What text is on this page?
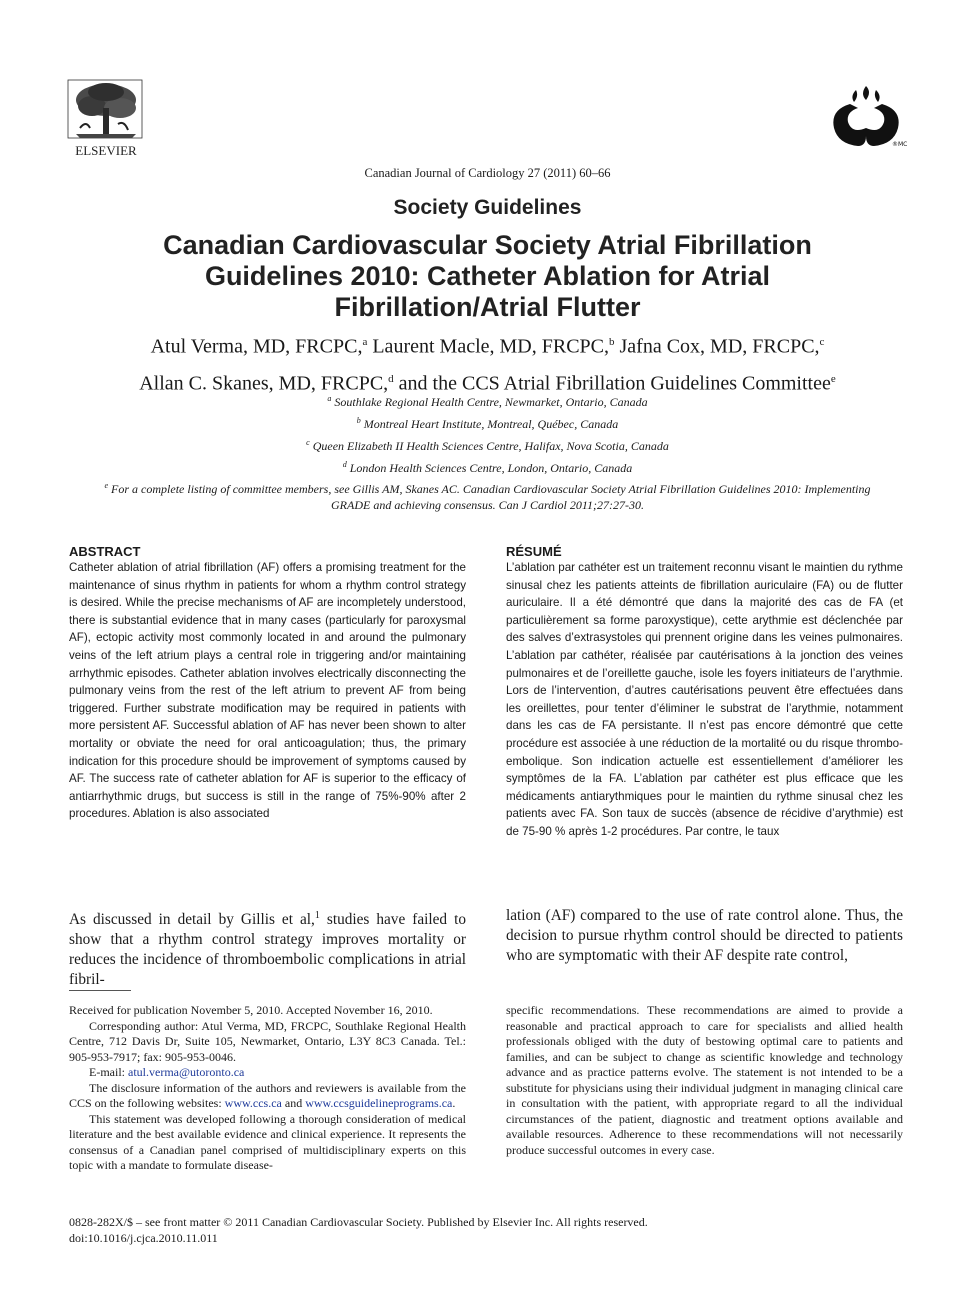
ELSEVIER	®MC
Canadian Journal of Cardiology 27 (2011) 60–66
Society Guidelines
Canadian Cardiovascular Society Atrial Fibrillation Guidelines 2010: Catheter Ablation for Atrial Fibrillation/Atrial Flutter
Atul Verma, MD, FRCPC,$^a$ Laurent Macle, MD, FRCPC,$^b$ Jafna Cox, MD, FRCPC,$^c$
Allan C. Skanes, MD, FRCPC,$^d$ and the CCS Atrial Fibrillation Guidelines Committee$^e$
$^a$ Southlake Regional Health Centre, Newmarket, Ontario, Canada
$^b$ Montreal Heart Institute, Montreal, Québec, Canada
$^c$ Queen Elizabeth II Health Sciences Centre, Halifax, Nova Scotia, Canada
$^d$ London Health Sciences Centre, London, Ontario, Canada
$^e$ For a complete listing of committee members, see Gillis AM, Skanes AC. Canadian Cardiovascular Society Atrial Fibrillation Guidelines 2010: Implementing GRADE and achieving consensus. Can J Cardiol 2011;27:27-30.
ABSTRACT
Catheter ablation of atrial fibrillation (AF) offers a promising treatment for the maintenance of sinus rhythm in patients for whom a rhythm control strategy is desired. While the precise mechanisms of AF are incompletely understood, there is substantial evidence that in many cases (particularly for paroxysmal AF), ectopic activity most commonly located in and around the pulmonary veins of the left atrium plays a central role in triggering and/or maintaining arrhythmic episodes. Catheter ablation involves electrically disconnecting the pulmonary veins from the rest of the left atrium to prevent AF from being triggered. Further substrate modification may be required in patients with more persistent AF. Successful ablation of AF has never been shown to alter mortality or obviate the need for oral anticoagulation; thus, the primary indication for this procedure should be improvement of symptoms caused by AF. The success rate of catheter ablation for AF is superior to the efficacy of antiarrhythmic drugs, but success is still in the range of 75%-90% after 2 procedures. Ablation is also associated
RÉSUMÉ
L’ablation par cathéter est un traitement reconnu visant le maintien du rythme sinusal chez les patients atteints de fibrillation auriculaire (FA) ou de flutter auriculaire. Il a été démontré que dans la majorité des cas de FA (et particulièrement sa forme paroxystique), cette arythmie est déclenchée par des salves d’extrasystoles qui prennent origine dans les veines pulmonaires. L’ablation par cathéter, réalisée par cautérisations à la jonction des veines pulmonaires et de l’oreillette gauche, isole les foyers initiateurs de l’arythmie. Lors de l’intervention, d’autres cautérisations peuvent être effectuées dans les oreillettes, pour tenter d’éliminer le substrat de l’arythmie, notamment dans les cas de FA persistante. Il n’est pas encore démontré que cette procédure est associée à une réduction de la mortalité ou du risque thrombo-embolique. Son indication actuelle est essentiellement d’améliorer les symptômes de la FA. L’ablation par cathéter est plus efficace que les médicaments antiarythmiques pour le maintien du rythme sinusal chez les patients avec FA. Son taux de succès (absence de récidive d’arythmie) est de 75-90 % après 1-2 procédures. Par contre, le taux
As discussed in detail by Gillis et al,$^1$ studies have failed to show that a rhythm control strategy improves mortality or reduces the incidence of thromboembolic complications in atrial fibril-
lation (AF) compared to the use of rate control alone. Thus, the decision to pursue rhythm control should be directed to patients who are symptomatic with their AF despite rate control,

Received for publication November 5, 2010. Accepted November 16, 2010.

Corresponding author: Atul Verma, MD, FRCPC, Southlake Regional Health Centre, 712 Davis Dr, Suite 105, Newmarket, Ontario, L3Y 8C3 Canada. Tel.: 905-953-7917; fax: 905-953-0046.

E-mail: atul.verma@utoronto.ca

The disclosure information of the authors and reviewers is available from the CCS on the following websites: www.ccs.ca and www.ccsguidelineprograms.ca.

This statement was developed following a thorough consideration of medical literature and the best available evidence and clinical experience. It represents the consensus of a Canadian panel comprised of multidisciplinary experts on this topic with a mandate to formulate disease-

specific recommendations. These recommendations are aimed to provide a reasonable and practical approach to care for specialists and allied health professionals obliged with the duty of bestowing optimal care to patients and families, and can be subject to change as scientific knowledge and technology advance and as practice patterns evolve. The statement is not intended to be a substitute for physicians using their individual judgment in managing clinical care in consultation with the patient, with appropriate regard to all the individual circumstances of the patient, diagnostic and treatment options available and available resources. Adherence to these recommendations will not necessarily produce successful outcomes in every case.
0828-282X/$ – see front matter © 2011 Canadian Cardiovascular Society. Published by Elsevier Inc. All rights reserved.
doi:10.1016/j.cjca.2010.11.011
